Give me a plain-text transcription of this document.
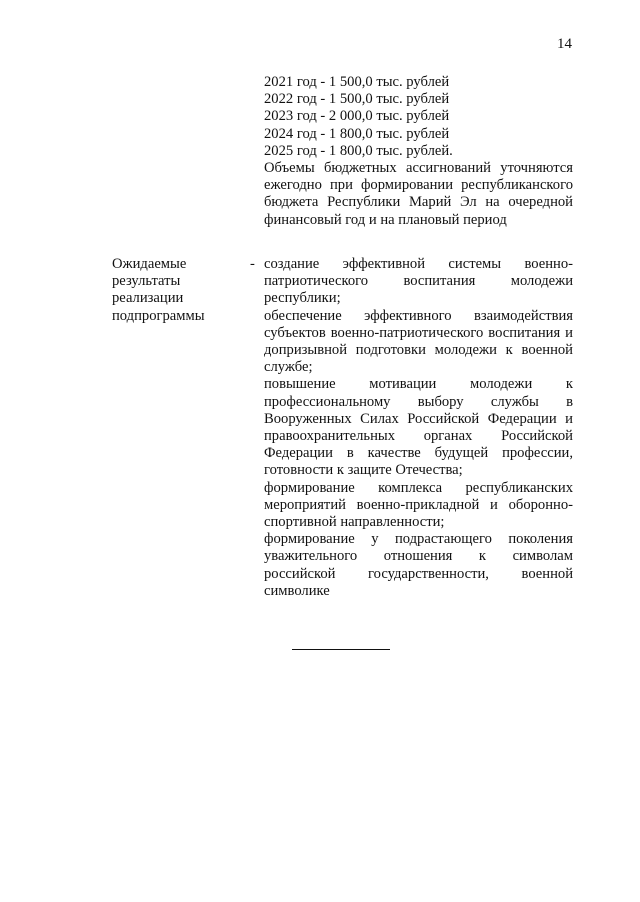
14
2021 год - 1 500,0 тыс. рублей
2022 год - 1 500,0 тыс. рублей
2023 год - 2 000,0 тыс. рублей
2024 год - 1 800,0 тыс. рублей
2025 год - 1 800,0 тыс. рублей.
Объемы бюджетных ассигнований уточняются ежегодно при формировании республиканского бюджета Республики Марий Эл на очередной финансовый год и на плановый период
Ожидаемые
результаты
реализации
подпрограммы
- создание эффективной системы военно-патриотического воспитания молодежи республики;

обеспечение эффективного взаимодействия субъектов военно-патриотического воспитания и допризывной подготовки молодежи к военной службе;

повышение мотивации молодежи к профессиональному выбору службы в Вооруженных Силах Российской Федерации и правоохранительных органах Российской Федерации в качестве будущей профессии, готовности к защите Отечества;

формирование комплекса республиканских мероприятий военно-прикладной и оборонно-спортивной направленности;

формирование у подрастающего поколения уважительного отношения к символам российской государственности, военной символике
